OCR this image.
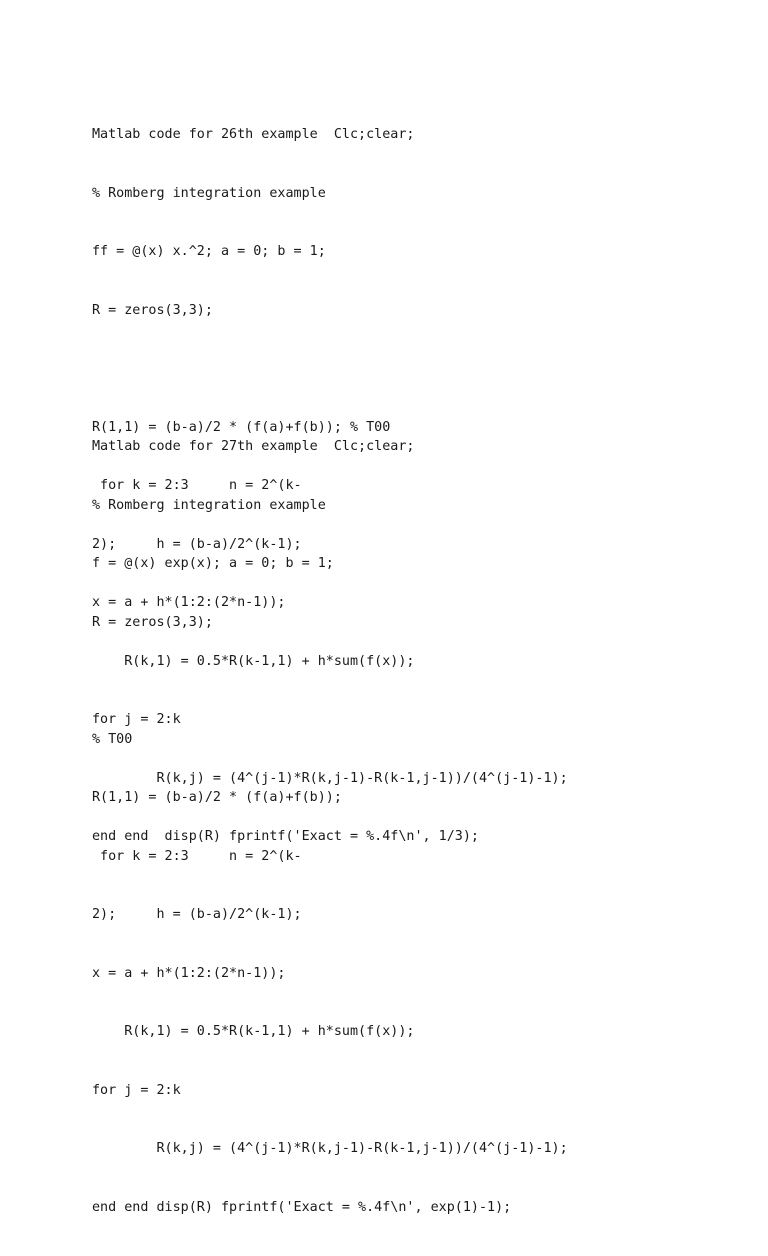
Matlab code for 26th example  Clc;clear;

% Romberg integration example

ff = @(x) x.^2; a = 0; b = 1;

R = zeros(3,3);

R(1,1) = (b-a)/2 * (f(a)+f(b)); % T00

for k = 2:3     n = 2^(k-

2);     h = (b-a)/2^(k-1);

x = a + h*(1:2:(2*n-1));

R(k,1) = 0.5*R(k-1,1) + h*sum(f(x));

for j = 2:k

R(k,j) = (4^(j-1)*R(k,j-1)-R(k-1,j-1))/(4^(j-1)-1);

end end  disp(R) fprintf('Exact = %.4f\n', 1/3);

Matlab code for 27th example  Clc;clear;

% Romberg integration example

f = @(x) exp(x); a = 0; b = 1;

R = zeros(3,3);

% T00

R(1,1) = (b-a)/2 * (f(a)+f(b));

for k = 2:3     n = 2^(k-

2);     h = (b-a)/2^(k-1);

x = a + h*(1:2:(2*n-1));

R(k,1) = 0.5*R(k-1,1) + h*sum(f(x));

for j = 2:k

R(k,j) = (4^(j-1)*R(k,j-1)-R(k-1,j-1))/(4^(j-1)-1);

end end disp(R) fprintf('Exact = %.4f\n', exp(1)-1);
